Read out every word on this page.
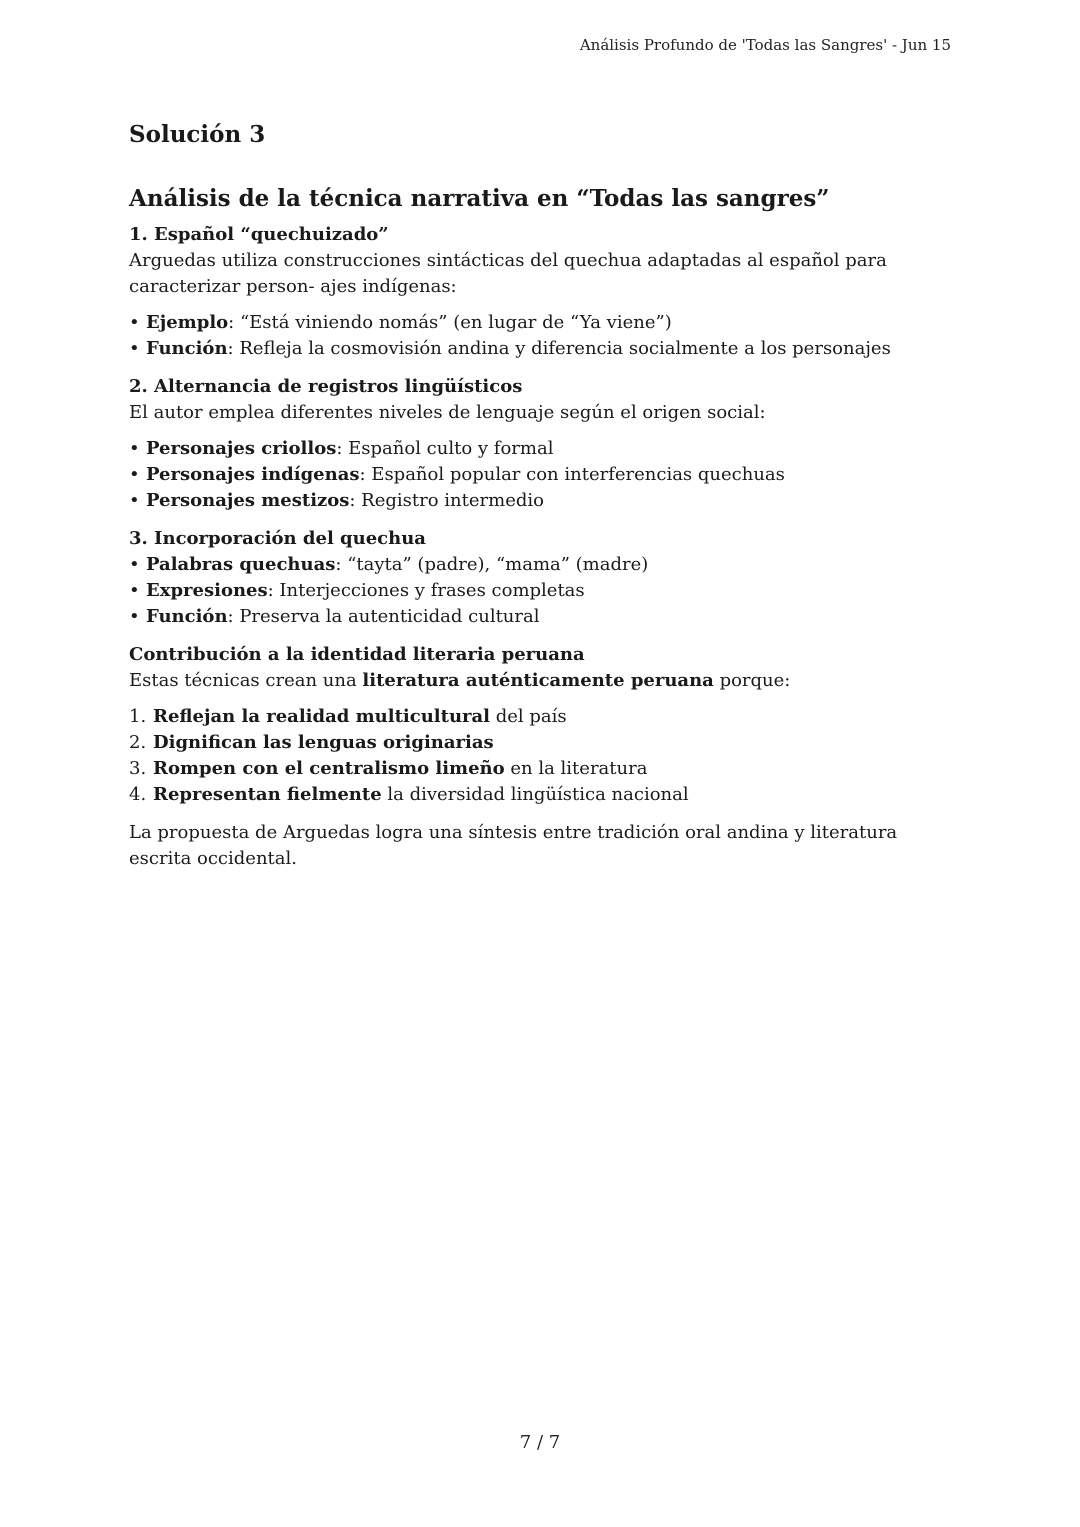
Análisis Profundo de 'Todas las Sangres' - Jun 15
Solución 3
Análisis de la técnica narrativa en “Todas las sangres”
1. Español “quechuizado”

Arguedas utiliza construcciones sintácticas del quechua adaptadas al español para caracterizar person- ajes indígenas:

• Ejemplo: “Está viniendo nomás” (en lugar de “Ya viene”)
• Función: Refleja la cosmovisión andina y diferencia socialmente a los personajes
2. Alternancia de registros lingüísticos

El autor emplea diferentes niveles de lenguaje según el origen social:

• Personajes criollos: Español culto y formal
• Personajes indígenas: Español popular con interferencias quechuas
• Personajes mestizos: Registro intermedio
3. Incorporación del quechua
• Palabras quechuas: “tayta” (padre), “mama” (madre)
• Expresiones: Interjecciones y frases completas
• Función: Preserva la autenticidad cultural
Contribución a la identidad literaria peruana

Estas técnicas crean una literatura auténticamente peruana porque:

1. Reflejan la realidad multicultural del país
2. Dignifican las lenguas originarias
3. Rompen con el centralismo limeño en la literatura
4. Representan fielmente la diversidad lingüística nacional

La propuesta de Arguedas logra una síntesis entre tradición oral andina y literatura escrita occidental.

7 / 7
